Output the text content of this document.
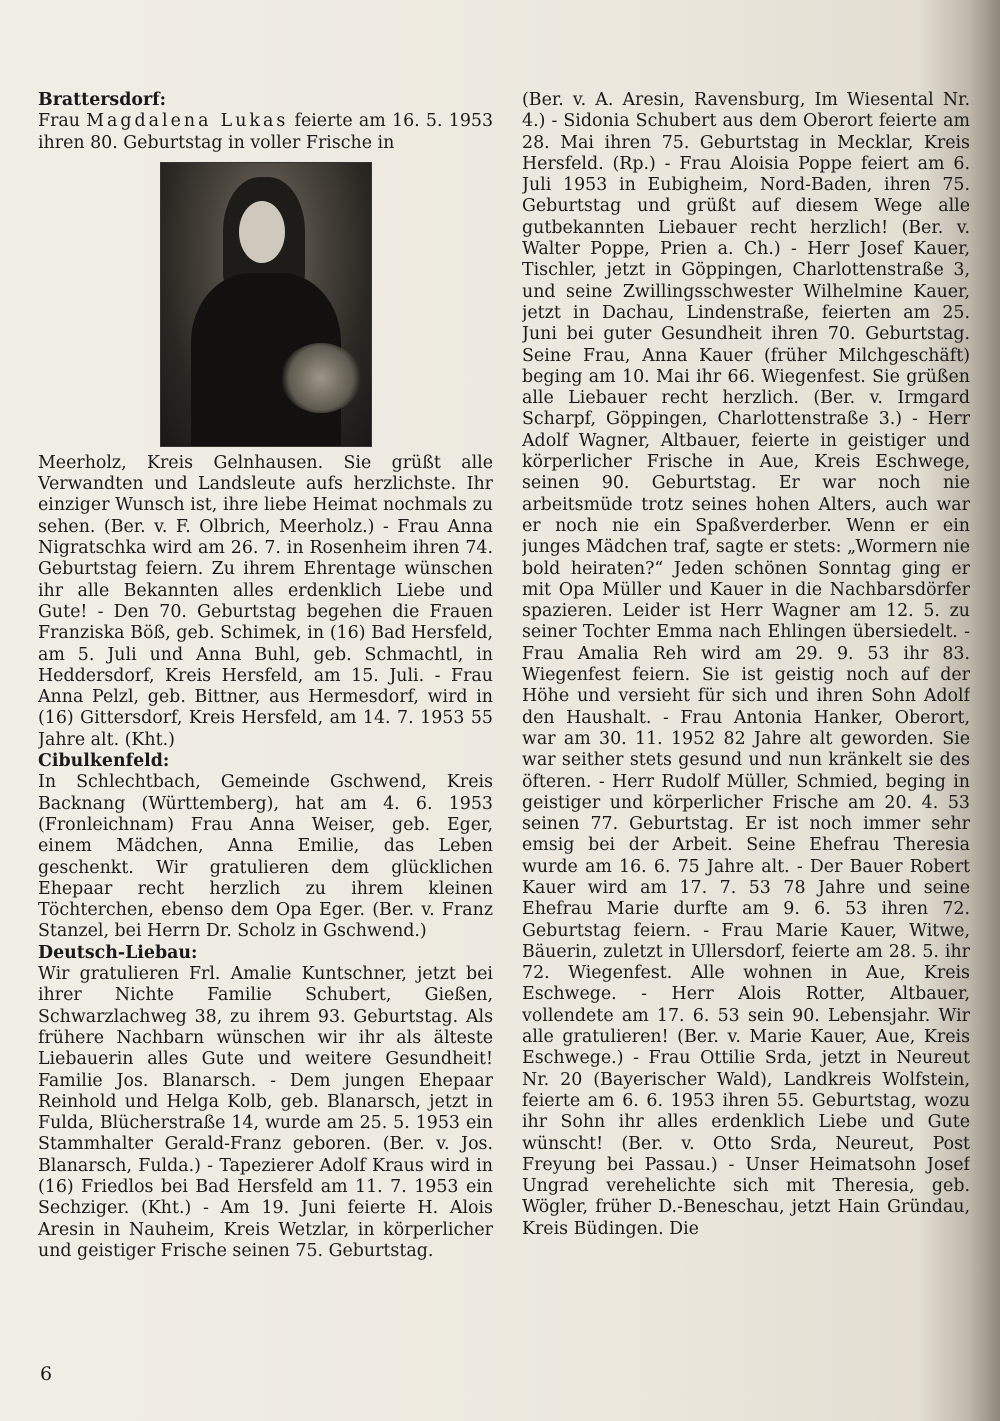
Brattersdorf:

Frau Magdalena Lukas feierte am 16. 5. 1953 ihren 80. Geburtstag in voller Frische in

Meerholz, Kreis Gelnhausen. Sie grüßt alle Verwandten und Landsleute aufs herzlichste. Ihr einziger Wunsch ist, ihre liebe Heimat nochmals zu sehen. (Ber. v. F. Olbrich, Meerholz.) - Frau Anna Nigratschka wird am 26. 7. in Rosenheim ihren 74. Geburtstag feiern. Zu ihrem Ehrentage wünschen ihr alle Bekannten alles erdenklich Liebe und Gute! - Den 70. Geburtstag begehen die Frauen Franziska Böß, geb. Schimek, in (16) Bad Hersfeld, am 5. Juli und Anna Buhl, geb. Schmachtl, in Heddersdorf, Kreis Hersfeld, am 15. Juli. - Frau Anna Pelzl, geb. Bittner, aus Hermesdorf, wird in (16) Gittersdorf, Kreis Hersfeld, am 14. 7. 1953 55 Jahre alt. (Kht.)

Cibulkenfeld:

In Schlechtbach, Gemeinde Gschwend, Kreis Backnang (Württemberg), hat am 4. 6. 1953 (Fronleichnam) Frau Anna Weiser, geb. Eger, einem Mädchen, Anna Emilie, das Leben geschenkt. Wir gratulieren dem glücklichen Ehepaar recht herzlich zu ihrem kleinen Töchterchen, ebenso dem Opa Eger. (Ber. v. Franz Stanzel, bei Herrn Dr. Scholz in Gschwend.)

Deutsch-Liebau:

Wir gratulieren Frl. Amalie Kuntschner, jetzt bei ihrer Nichte Familie Schubert, Gießen, Schwarzlachweg 38, zu ihrem 93. Geburtstag. Als frühere Nachbarn wünschen wir ihr als älteste Liebauerin alles Gute und weitere Gesundheit! Familie Jos. Blanarsch. - Dem jungen Ehepaar Reinhold und Helga Kolb, geb. Blanarsch, jetzt in Fulda, Blücherstraße 14, wurde am 25. 5. 1953 ein Stammhalter Gerald-Franz geboren. (Ber. v. Jos. Blanarsch, Fulda.) - Tapezierer Adolf Kraus wird in (16) Friedlos bei Bad Hersfeld am 11. 7. 1953 ein Sechziger. (Kht.) - Am 19. Juni feierte H. Alois Aresin in Nauheim, Kreis Wetzlar, in körperlicher und geistiger Frische seinen 75. Geburtstag.

(Ber. v. A. Aresin, Ravensburg, Im Wiesental Nr. 4.) - Sidonia Schubert aus dem Oberort feierte am 28. Mai ihren 75. Geburtstag in Mecklar, Kreis Hersfeld. (Rp.) - Frau Aloisia Poppe feiert am 6. Juli 1953 in Eubigheim, Nord-Baden, ihren 75. Geburtstag und grüßt auf diesem Wege alle gutbekannten Liebauer recht herzlich! (Ber. v. Walter Poppe, Prien a. Ch.) - Herr Josef Kauer, Tischler, jetzt in Göppingen, Charlottenstraße 3, und seine Zwillingsschwester Wilhelmine Kauer, jetzt in Dachau, Lindenstraße, feierten am 25. Juni bei guter Gesundheit ihren 70. Geburtstag. Seine Frau, Anna Kauer (früher Milchgeschäft) beging am 10. Mai ihr 66. Wiegenfest. Sie grüßen alle Liebauer recht herzlich. (Ber. v. Irmgard Scharpf, Göppingen, Charlottenstraße 3.) - Herr Adolf Wagner, Altbauer, feierte in geistiger und körperlicher Frische in Aue, Kreis Eschwege, seinen 90. Geburtstag. Er war noch nie arbeitsmüde trotz seines hohen Alters, auch war er noch nie ein Spaßverderber. Wenn er ein junges Mädchen traf, sagte er stets: „Wormern nie bold heiraten?“ Jeden schönen Sonntag ging er mit Opa Müller und Kauer in die Nachbarsdörfer spazieren. Leider ist Herr Wagner am 12. 5. zu seiner Tochter Emma nach Ehlingen übersiedelt. - Frau Amalia Reh wird am 29. 9. 53 ihr 83. Wiegenfest feiern. Sie ist geistig noch auf der Höhe und versieht für sich und ihren Sohn Adolf den Haushalt. - Frau Antonia Hanker, Oberort, war am 30. 11. 1952 82 Jahre alt geworden. Sie war seither stets gesund und nun kränkelt sie des öfteren. - Herr Rudolf Müller, Schmied, beging in geistiger und körperlicher Frische am 20. 4. 53 seinen 77. Geburtstag. Er ist noch immer sehr emsig bei der Arbeit. Seine Ehefrau Theresia wurde am 16. 6. 75 Jahre alt. - Der Bauer Robert Kauer wird am 17. 7. 53 78 Jahre und seine Ehefrau Marie durfte am 9. 6. 53 ihren 72. Geburtstag feiern. - Frau Marie Kauer, Witwe, Bäuerin, zuletzt in Ullersdorf, feierte am 28. 5. ihr 72. Wiegenfest. Alle wohnen in Aue, Kreis Eschwege. - Herr Alois Rotter, Altbauer, vollendete am 17. 6. 53 sein 90. Lebensjahr. Wir alle gratulieren! (Ber. v. Marie Kauer, Aue, Kreis Eschwege.) - Frau Ottilie Srda, jetzt in Neureut Nr. 20 (Bayerischer Wald), Landkreis Wolfstein, feierte am 6. 6. 1953 ihren 55. Geburtstag, wozu ihr Sohn ihr alles erdenklich Liebe und Gute wünscht! (Ber. v. Otto Srda, Neureut, Post Freyung bei Passau.) - Unser Heimatsohn Josef Ungrad verehelichte sich mit Theresia, geb. Wögler, früher D.-Beneschau, jetzt Hain Gründau, Kreis Büdingen. Die

6
